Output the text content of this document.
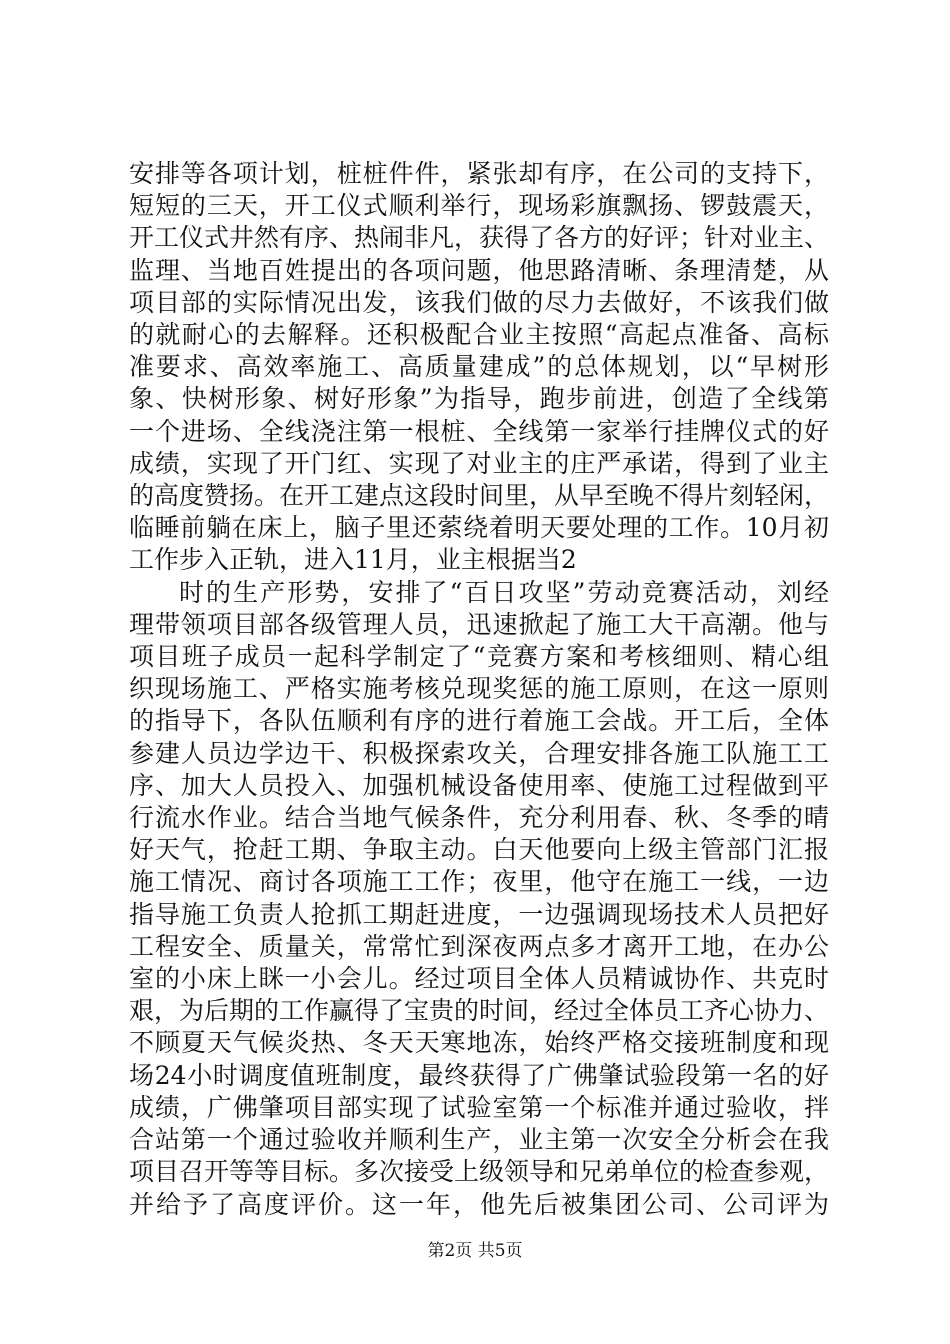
安排等各项计划，桩桩件件，紧张却有序，在公司的支持下，
短短的三天，开工仪式顺利举行，现场彩旗飘扬、锣鼓震天，
开工仪式井然有序、热闹非凡，获得了各方的好评；针对业主、
监理、当地百姓提出的各项问题，他思路清晰、条理清楚，从
项目部的实际情况出发，该我们做的尽力去做好，不该我们做
的就耐心的去解释。还积极配合业主按照“高起点准备、高标
准要求、高效率施工、高质量建成”的总体规划，以“早树形
象、快树形象、树好形象”为指导，跑步前进，创造了全线第
一个进场、全线浇注第一根桩、全线第一家举行挂牌仪式的好
成绩，实现了开门红、实现了对业主的庄严承诺，得到了业主
的高度赞扬。在开工建点这段时间里，从早至晚不得片刻轻闲，
临睡前躺在床上，脑子里还萦绕着明天要处理的工作。10月初
工作步入正轨，进入11月，业主根据当2
时的生产形势，安排了“百日攻坚”劳动竞赛活动，刘经
理带领项目部各级管理人员，迅速掀起了施工大干高潮。他与
项目班子成员一起科学制定了“竞赛方案和考核细则、精心组
织现场施工、严格实施考核兑现奖惩的施工原则，在这一原则
的指导下，各队伍顺利有序的进行着施工会战。开工后，全体
参建人员边学边干、积极探索攻关，合理安排各施工队施工工
序、加大人员投入、加强机械设备使用率、使施工过程做到平
行流水作业。结合当地气候条件，充分利用春、秋、冬季的晴
好天气，抢赶工期、争取主动。白天他要向上级主管部门汇报
施工情况、商讨各项施工工作；夜里，他守在施工一线，一边
指导施工负责人抢抓工期赶进度，一边强调现场技术人员把好
工程安全、质量关，常常忙到深夜两点多才离开工地，在办公
室的小床上眯一小会儿。经过项目全体人员精诚协作、共克时
艰，为后期的工作赢得了宝贵的时间，经过全体员工齐心协力、
不顾夏天气候炎热、冬天天寒地冻，始终严格交接班制度和现
场24小时调度值班制度，最终获得了广佛肇试验段第一名的好
成绩，广佛肇项目部实现了试验室第一个标准并通过验收，拌
合站第一个通过验收并顺利生产，业主第一次安全分析会在我
项目召开等等目标。多次接受上级领导和兄弟单位的检查参观，
并给予了高度评价。这一年，他先后被集团公司、公司评为
第2页 共5页
